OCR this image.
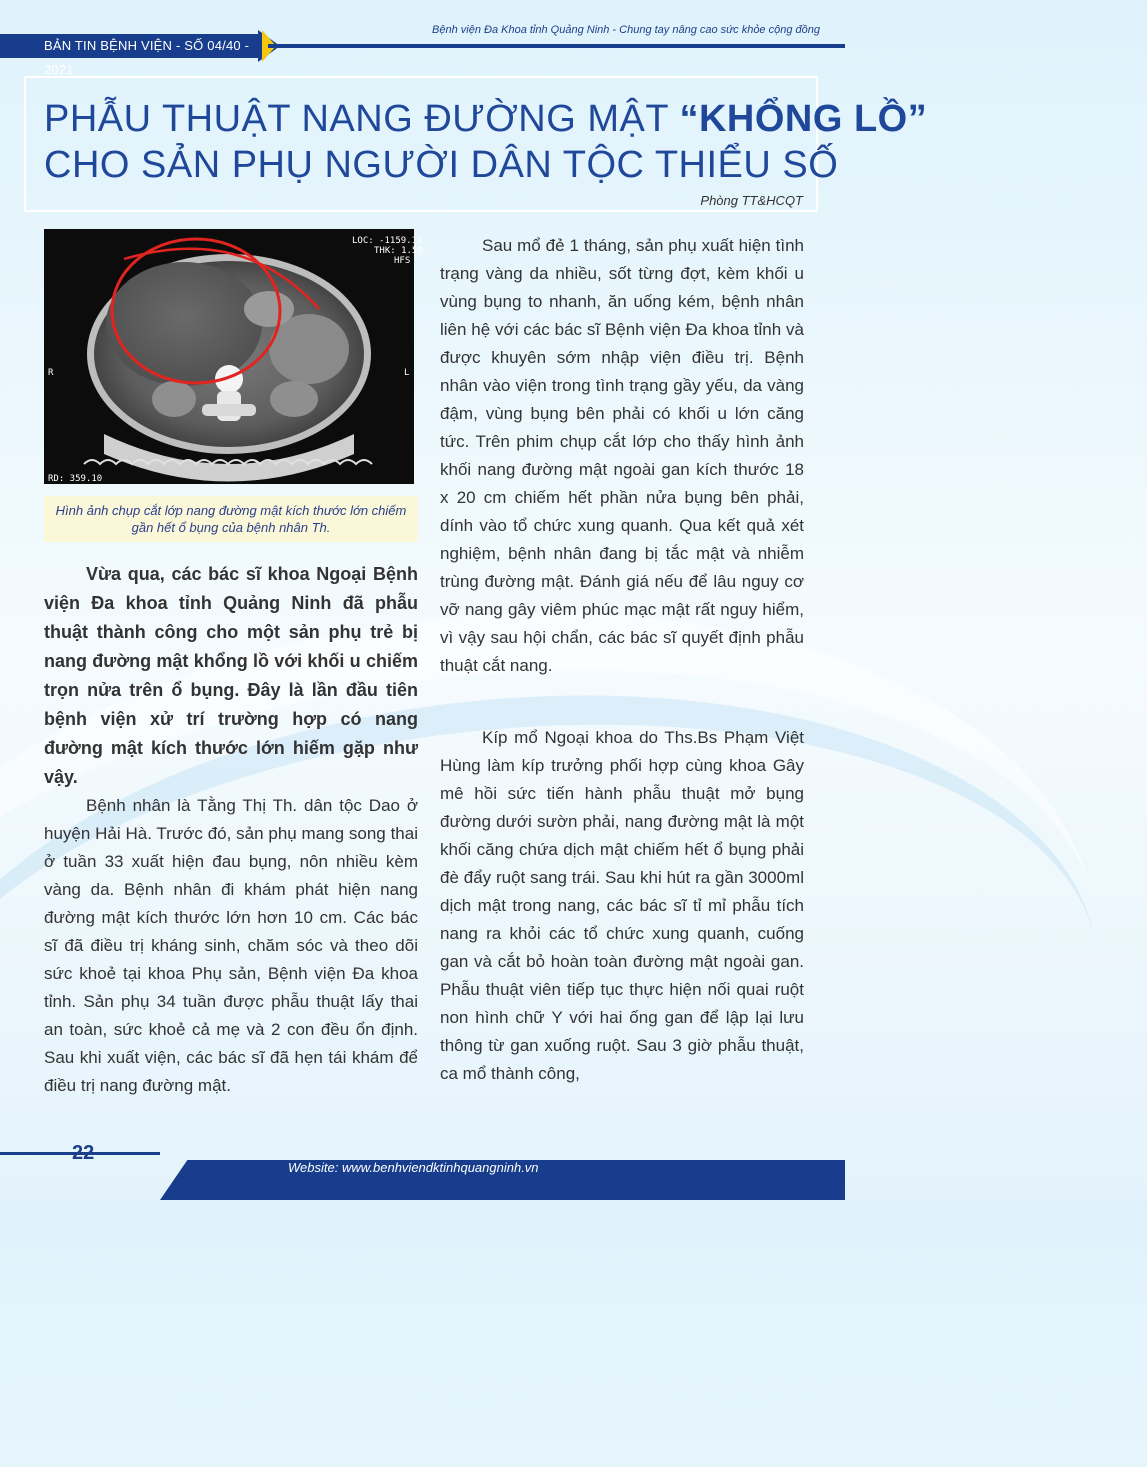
BẢN TIN BỆNH VIỆN - SỐ 04/40 - 2021
Bệnh viện Đa Khoa tỉnh Quảng Ninh - Chung tay nâng cao sức khỏe cộng đồng
PHẪU THUẬT NANG ĐƯỜNG MẬT “KHỔNG LỒ”
CHO SẢN PHỤ NGƯỜI DÂN TỘC THIỂU SỐ
Phòng TT&HCQT
LOC: -1159.11
THK: 1.50
HFS
R	L
RD: 359.10
Hình ảnh chụp cắt lớp nang đường mật kích thước lớn chiếm gần hết ổ bụng của bệnh nhân Th.
Vừa qua, các bác sĩ khoa Ngoại Bệnh viện Đa khoa tỉnh Quảng Ninh đã phẫu thuật thành công cho một sản phụ trẻ bị nang đường mật khổng lồ với khối u chiếm trọn nửa trên ổ bụng. Đây là lần đầu tiên bệnh viện xử trí trường hợp có nang đường mật kích thước lớn hiếm gặp như vậy.

Bệnh nhân là Tằng Thị Th. dân tộc Dao ở huyện Hải Hà. Trước đó, sản phụ mang song thai ở tuần 33 xuất hiện đau bụng, nôn nhiều kèm vàng da. Bệnh nhân đi khám phát hiện nang đường mật kích thước lớn hơn 10 cm. Các bác sĩ đã điều trị kháng sinh, chăm sóc và theo dõi sức khoẻ tại khoa Phụ sản, Bệnh viện Đa khoa tỉnh. Sản phụ 34 tuần được phẫu thuật lấy thai an toàn, sức khoẻ cả mẹ và 2 con đều ổn định. Sau khi xuất viện, các bác sĩ đã hẹn tái khám để điều trị nang đường mật.

Sau mổ đẻ 1 tháng, sản phụ xuất hiện tình trạng vàng da nhiều, sốt từng đợt, kèm khối u vùng bụng to nhanh, ăn uống kém, bệnh nhân liên hệ với các bác sĩ Bệnh viện Đa khoa tỉnh và được khuyên sớm nhập viện điều trị. Bệnh nhân vào viện trong tình trạng gầy yếu, da vàng đậm, vùng bụng bên phải có khối u lớn căng tức. Trên phim chụp cắt lớp cho thấy hình ảnh khối nang đường mật ngoài gan kích thước 18 x 20 cm chiếm hết phần nửa bụng bên phải, dính vào tổ chức xung quanh. Qua kết quả xét nghiệm, bệnh nhân đang bị tắc mật và nhiễm trùng đường mật. Đánh giá nếu để lâu nguy cơ vỡ nang gây viêm phúc mạc mật rất nguy hiểm, vì vậy sau hội chẩn, các bác sĩ quyết định phẫu thuật cắt nang.

Kíp mổ Ngoại khoa do Ths.Bs Phạm Việt Hùng làm kíp trưởng phối hợp cùng khoa Gây mê hồi sức tiến hành phẫu thuật mở bụng đường dưới sườn phải, nang đường mật là một khối căng chứa dịch mật chiếm hết ổ bụng phải đè đẩy ruột sang trái. Sau khi hút ra gần 3000ml dịch mật trong nang, các bác sĩ tỉ mỉ phẫu tích nang ra khỏi các tổ chức xung quanh, cuống gan và cắt bỏ hoàn toàn đường mật ngoài gan. Phẫu thuật viên tiếp tục thực hiện nối quai ruột non hình chữ Y với hai ống gan để lập lại lưu thông từ gan xuống ruột. Sau 3 giờ phẫu thuật, ca mổ thành công,

22
Website: www.benhviendktinhquangninh.vn
